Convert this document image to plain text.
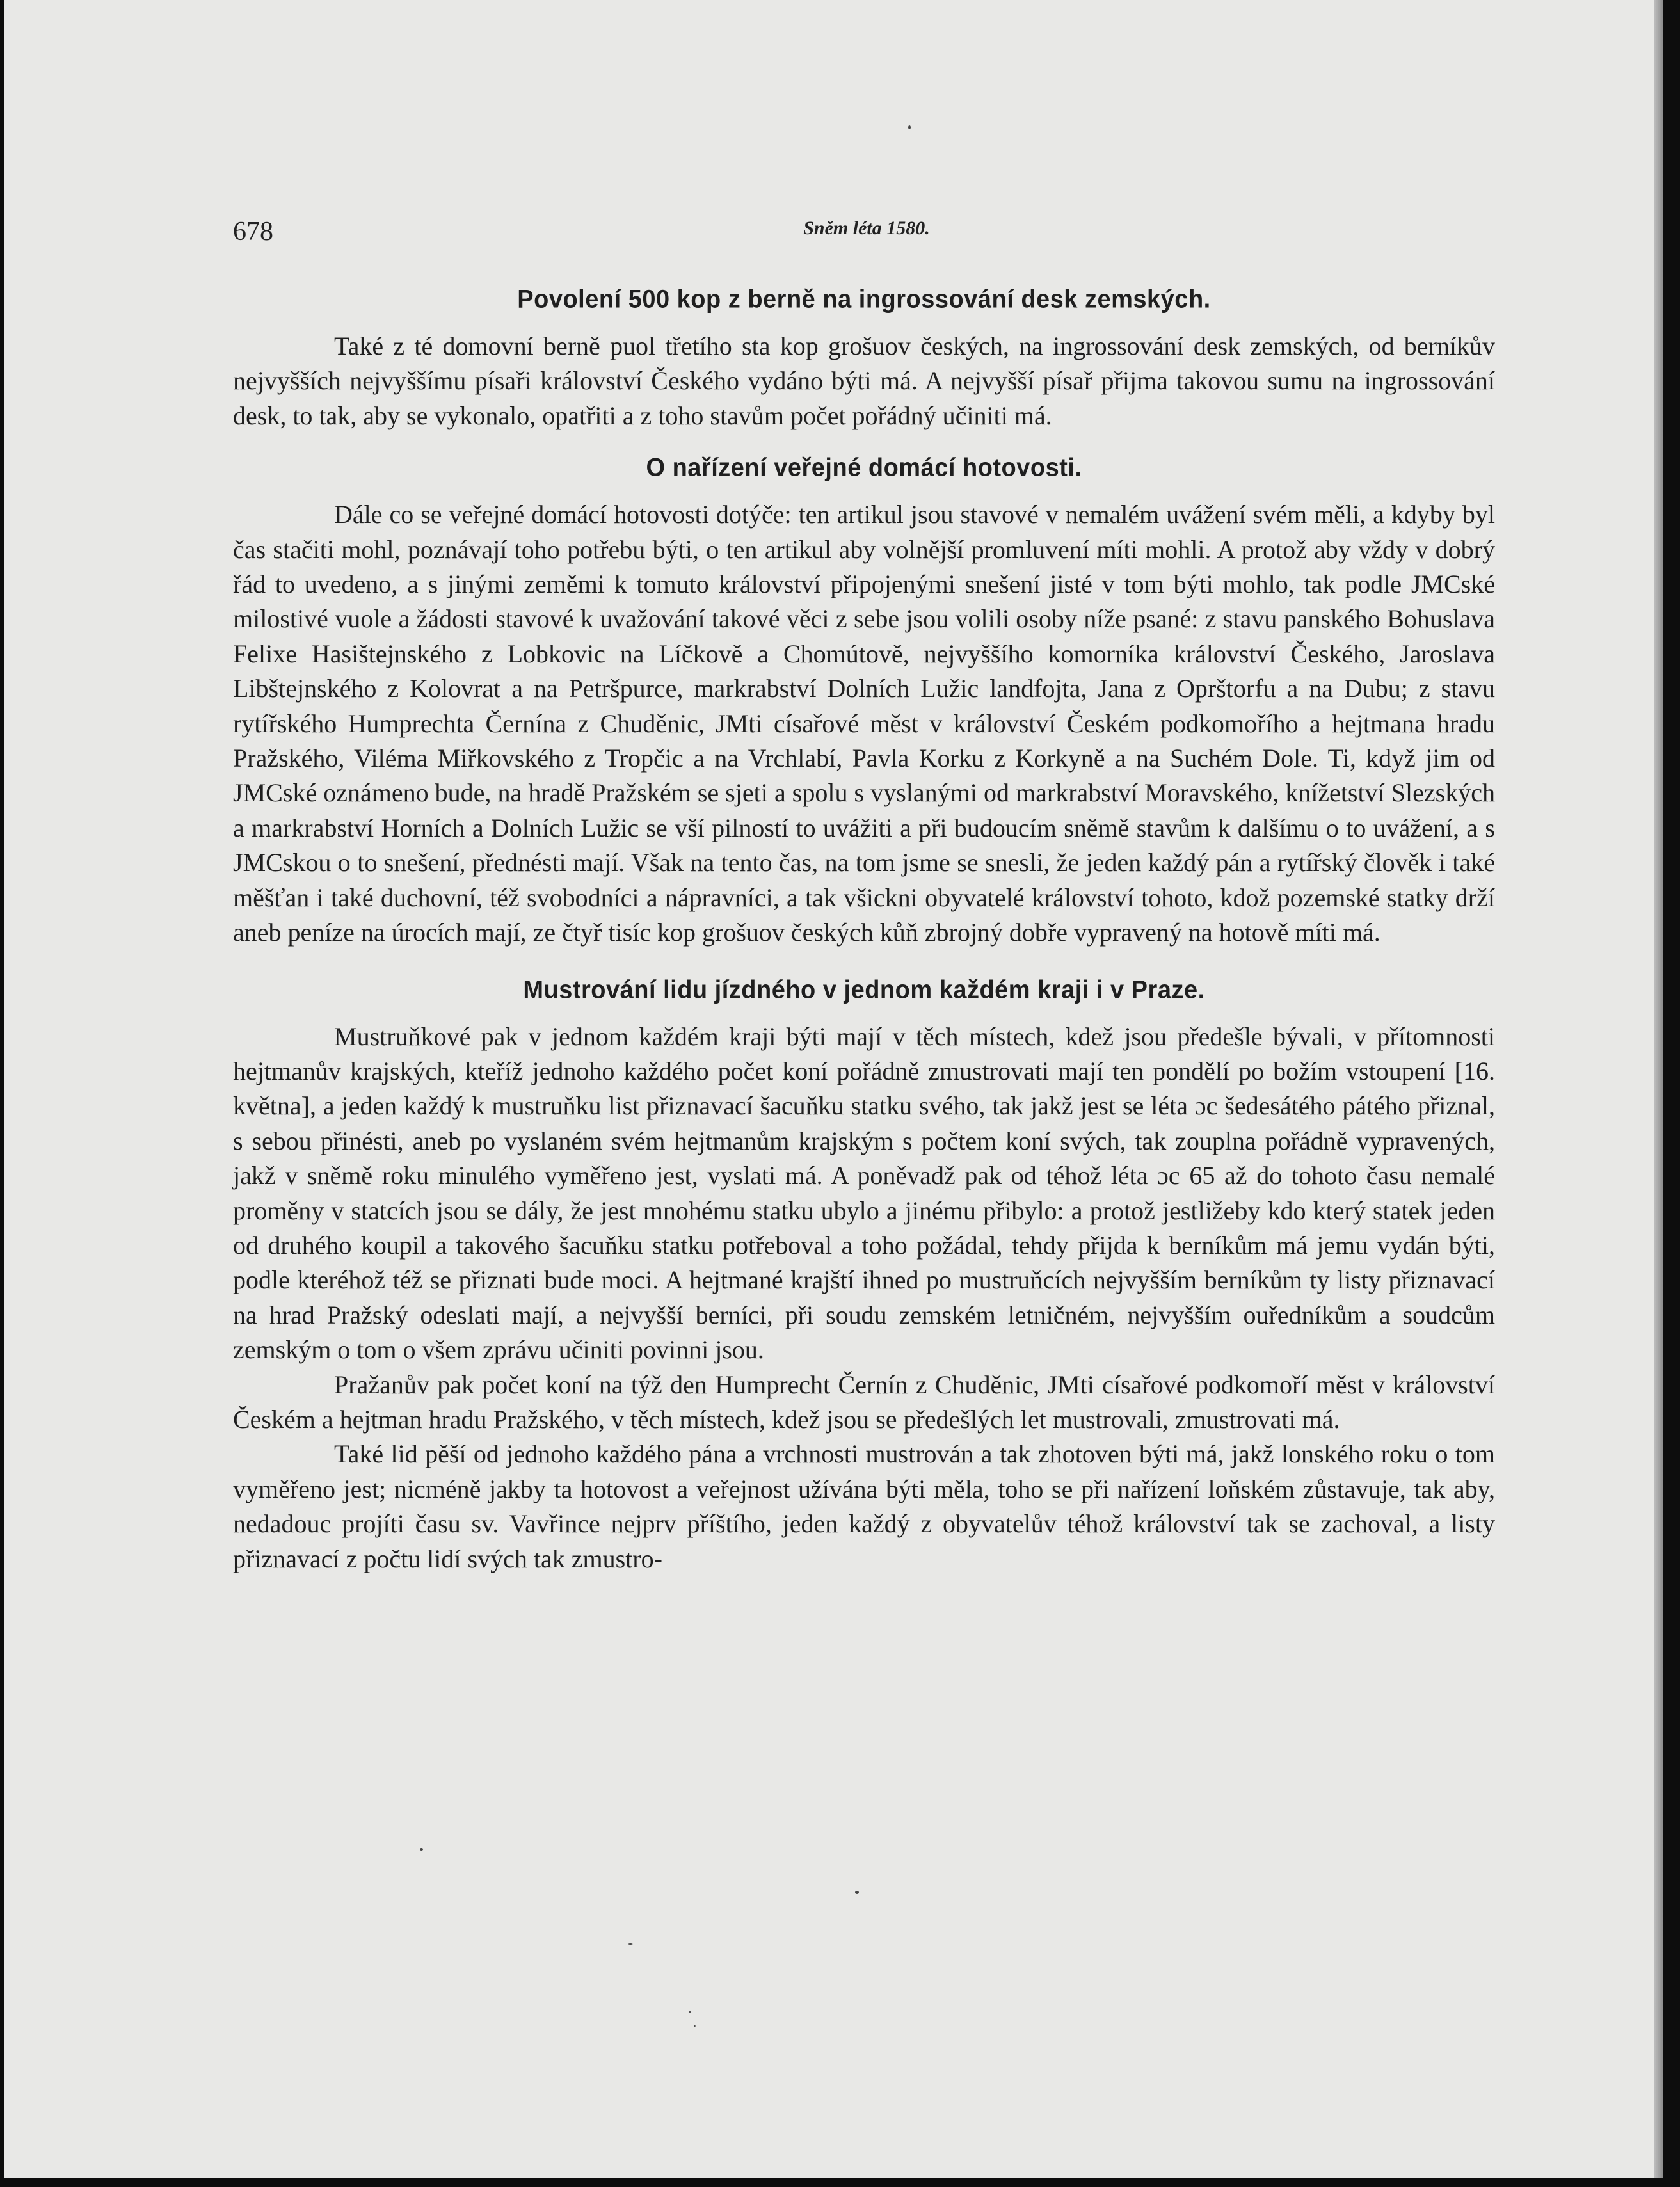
678	Sněm léta 1580.
Povolení 500 kop z berně na ingrossování desk zemských.

Také z té domovní berně puol třetího sta kop grošuov českých, na ingrossování desk zemských, od berníkův nejvyšších nejvyššímu písaři království Českého vydáno býti má. A nejvyšší písař přijma takovou sumu na ingrossování desk, to tak, aby se vykonalo, opatřiti a z toho stavům počet pořádný učiniti má.

O nařízení veřejné domácí hotovosti.

Dále co se veřejné domácí hotovosti dotýče: ten artikul jsou stavové v nemalém uvážení svém měli, a kdyby byl čas stačiti mohl, poznávají toho potřebu býti, o ten artikul aby volnější promluvení míti mohli. A protož aby vždy v dobrý řád to uvedeno, a s jinými zeměmi k tomuto království připojenými snešení jisté v tom býti mohlo, tak podle JMCské milostivé vuole a žádosti stavové k uvažování takové věci z sebe jsou volili osoby níže psané: z stavu panského Bohuslava Felixe Hasištejnského z Lobkovic na Líčkově a Chomútově, nejvyššího komorníka království Českého, Jaroslava Libštejnského z Kolovrat a na Petršpurce, markrabství Dolních Lužic landfojta, Jana z Oprštorfu a na Dubu; z stavu rytířského Humprechta Černína z Chuděnic, JMti císařové měst v království Českém podkomořího a hejtmana hradu Pražského, Viléma Miřkovského z Tropčic a na Vrchlabí, Pavla Korku z Korkyně a na Suchém Dole. Ti, když jim od JMCské oznámeno bude, na hradě Pražském se sjeti a spolu s vyslanými od markrabství Moravského, knížetství Slezských a markrabství Horních a Dolních Lužic se vší pilností to uvážiti a při budoucím sněmě stavům k dalšímu o to uvážení, a s JMCskou o to snešení, přednésti mají. Však na tento čas, na tom jsme se snesli, že jeden každý pán a rytířský člověk i také měšťan i také duchovní, též svobodníci a nápravníci, a tak všickni obyvatelé království tohoto, kdož pozemské statky drží aneb peníze na úrocích mají, ze čtyř tisíc kop grošuov českých kůň zbrojný dobře vypravený na hotově míti má.

Mustrování lidu jízdného v jednom každém kraji i v Praze.

Mustruňkové pak v jednom každém kraji býti mají v těch místech, kdež jsou předešle bývali, v přítomnosti hejtmanův krajských, kteříž jednoho každého počet koní pořádně zmustrovati mají ten pondělí po božím vstoupení [16. května], a jeden každý k mustruňku list přiznavací šacuňku statku svého, tak jakž jest se léta ɔc šedesátého pátého přiznal, s sebou přinésti, aneb po vyslaném svém hejtmanům krajským s počtem koní svých, tak zouplna pořádně vypravených, jakž v sněmě roku minulého vyměřeno jest, vyslati má. A poněvadž pak od téhož léta ɔc 65 až do tohoto času nemalé proměny v statcích jsou se dály, že jest mnohému statku ubylo a jinému přibylo: a protož jestližeby kdo který statek jeden od druhého koupil a takového šacuňku statku potřeboval a toho požádal, tehdy přijda k berníkům má jemu vydán býti, podle kteréhož též se přiznati bude moci. A hejtmané krajští ihned po mustruňcích nejvyšším berníkům ty listy přiznavací na hrad Pražský odeslati mají, a nejvyšší berníci, při soudu zemském letničném, nejvyšším ouředníkům a soudcům zemským o tom o všem zprávu učiniti povinni jsou.

Pražanův pak počet koní na týž den Humprecht Černín z Chuděnic, JMti císařové podkomoří měst v království Českém a hejtman hradu Pražského, v těch místech, kdež jsou se předešlých let mustrovali, zmustrovati má.

Také lid pěší od jednoho každého pána a vrchnosti mustrován a tak zhotoven býti má, jakž lonského roku o tom vyměřeno jest; nicméně jakby ta hotovost a veřejnost užívána býti měla, toho se při nařízení loňském zůstavuje, tak aby, nedadouc projíti času sv. Vavřince nejprv příštího, jeden každý z obyvatelův téhož království tak se zachoval, a listy přiznavací z počtu lidí svých tak zmustro-
